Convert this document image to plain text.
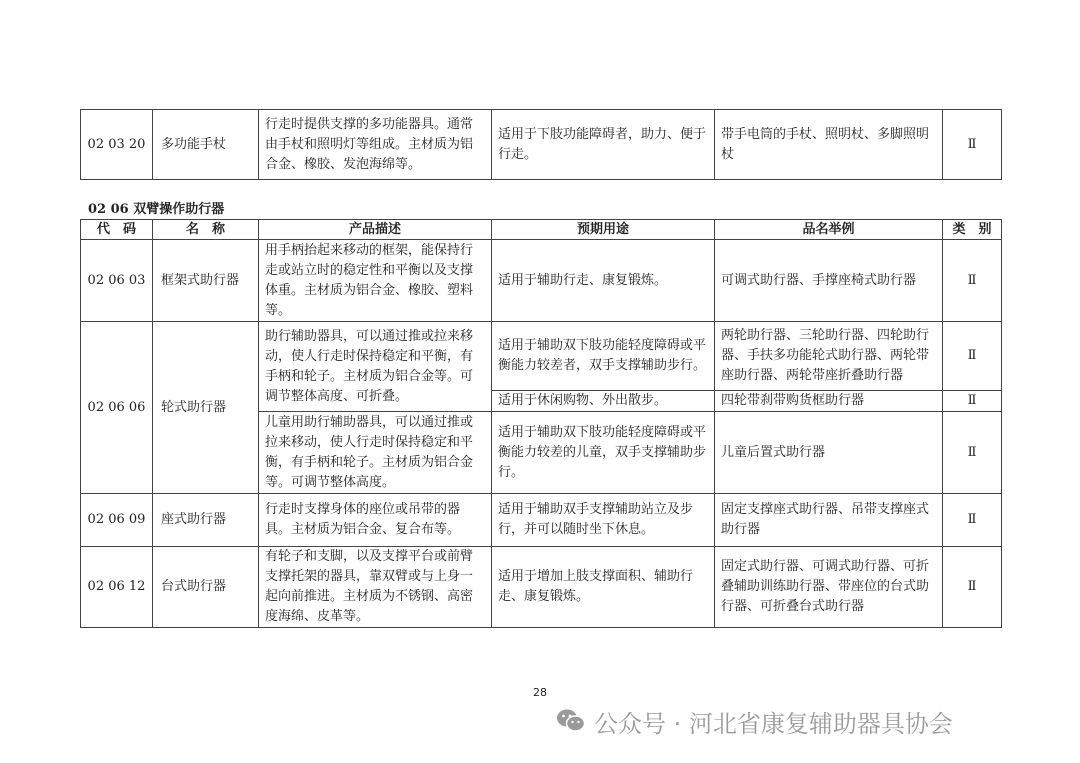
02 03 20	多功能手杖	行走时提供支撑的多功能器具。通常由手杖和照明灯等组成。主材质为铝合金、橡胶、发泡海绵等。	适用于下肢功能障碍者，助力、便于行走。	带手电筒的手杖、照明杖、多脚照明杖	Ⅱ
02 06 双臂操作助行器
代　码	名　称	产品描述	预期用途	品名举例	类　别
02 06 03	框架式助行器	用手柄抬起来移动的框架，能保持行走或站立时的稳定性和平衡以及支撑体重。主材质为铝合金、橡胶、塑料等。	适用于辅助行走、康复锻炼。	可调式助行器、手撑座椅式助行器	Ⅱ
02 06 06	轮式助行器	助行辅助器具，可以通过推或拉来移动，使人行走时保持稳定和平衡，有手柄和轮子。主材质为铝合金等。可调节整体高度、可折叠。	适用于辅助双下肢功能轻度障碍或平衡能力较差者，双手支撑辅助步行。	两轮助行器、三轮助行器、四轮助行器、手扶多功能轮式助行器、两轮带座助行器、两轮带座折叠助行器	Ⅱ
			适用于休闲购物、外出散步。	四轮带刹带购货框助行器	Ⅱ
		儿童用助行辅助器具，可以通过推或拉来移动，使人行走时保持稳定和平衡，有手柄和轮子。主材质为铝合金等。可调节整体高度。	适用于辅助双下肢功能轻度障碍或平衡能力较差的儿童，双手支撑辅助步行。	儿童后置式助行器	Ⅱ
02 06 09	座式助行器	行走时支撑身体的座位或吊带的器具。主材质为铝合金、复合布等。	适用于辅助双手支撑辅助站立及步行，并可以随时坐下休息。	固定支撑座式助行器、吊带支撑座式助行器	Ⅱ
02 06 12	台式助行器	有轮子和支脚，以及支撑平台或前臂支撑托架的器具，靠双臂或与上身一起向前推进。主材质为不锈钢、高密度海绵、皮革等。	适用于增加上肢支撑面积、辅助行走、康复锻炼。	固定式助行器、可调式助行器、可折叠辅助训练助行器、带座位的台式助行器、可折叠台式助行器	Ⅱ
28
公众号 · 河北省康复辅助器具协会
